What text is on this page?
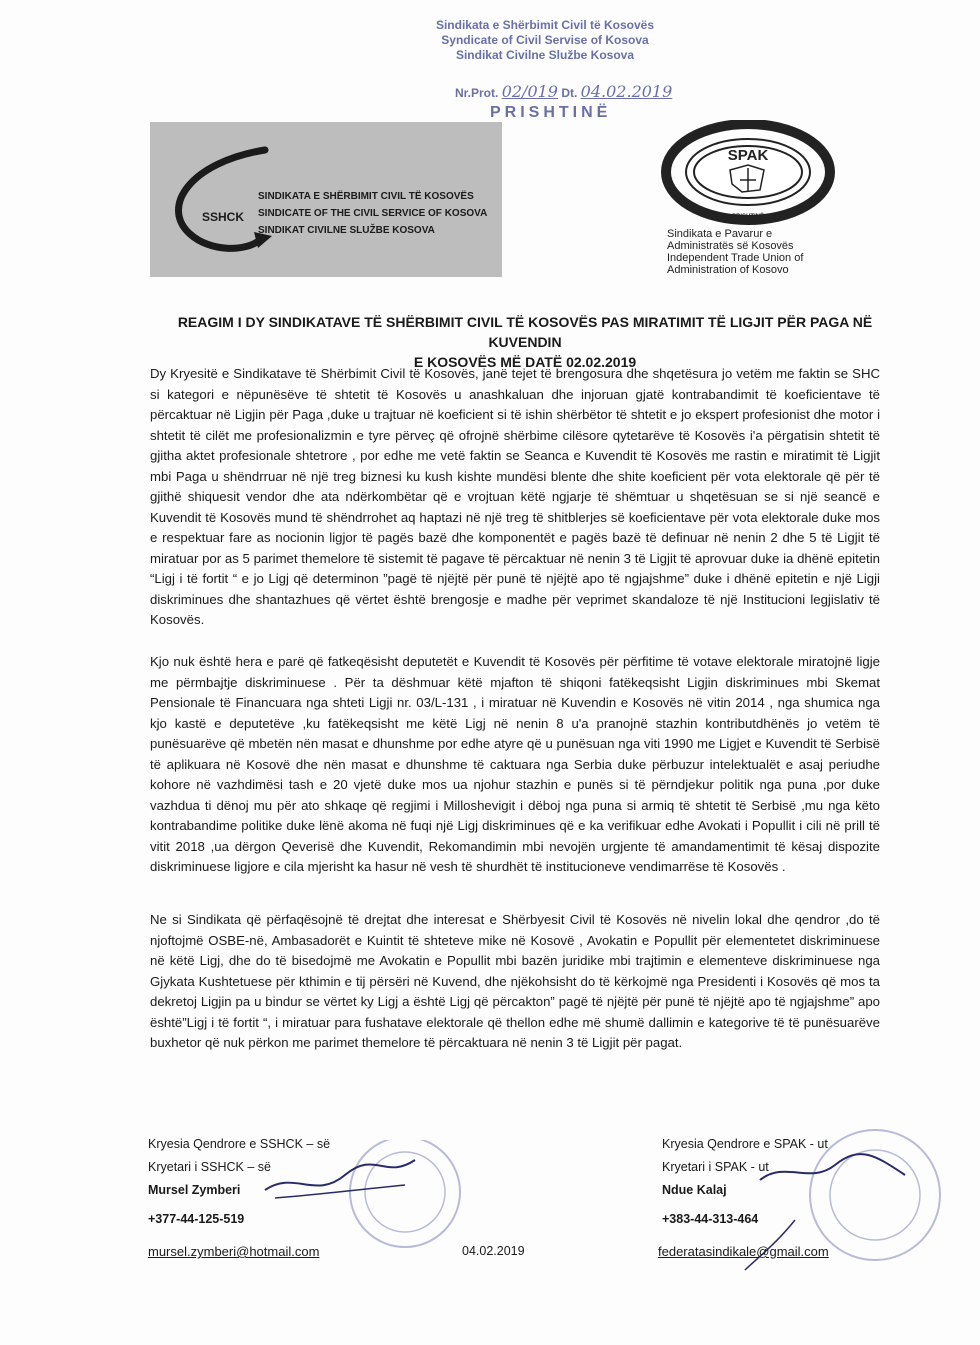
Sindikata e Shërbimit Civil të Kosovës
Syndicate of Civil Servise of Kosova
Sindikat Civilne Službe Kosova
Nr.Prot. 02/019 Dt. 04.02.2019
PRISHTINË
SSHCK
SINDIKATA E SHËRBIMIT CIVIL TË KOSOVËS
SINDICATE OF THE CIVIL SERVICE OF KOSOVA
SINDIKAT CIVILNE SLUŽBE KOSOVA
SPAK
PRISHTINË
Sindikata e Pavarur e
Administratës së Kosovës
Independent Trade Union of
Administration of Kosovo
REAGIM I DY SINDIKATAVE TË SHËRBIMIT CIVIL TË KOSOVËS PAS MIRATIMIT TË LIGJIT PËR PAGA NË KUVENDIN
E KOSOVËS MË DATË 02.02.2019
Dy Kryesitë e Sindikatave të Shërbimit Civil të Kosovës, janë tejet të brengosura dhe shqetësura jo vetëm me faktin se SHC si kategori e nëpunësëve të shtetit të Kosovës u anashkaluan dhe injoruan gjatë kontrabandimit të koeficientave të përcaktuar në Ligjin për Paga ,duke u trajtuar në koeficient si të ishin shërbëtor të shtetit e jo ekspert profesionist dhe motor i shtetit të cilët me profesionalizmin e tyre përveç që ofrojnë shërbime cilësore qytetarëve të Kosovës i'a përgatisin shtetit të gjitha aktet profesionale shtetrore , por edhe me vetë faktin se Seanca e Kuvendit të Kosovës me rastin e miratimit të Ligjit mbi Paga u shëndrruar në një treg biznesi ku kush kishte mundësi blente dhe shite koeficient për vota elektorale që për të gjithë shiquesit vendor dhe ata ndërkombëtar që e vrojtuan këtë ngjarje të shëmtuar u shqetësuan se si një seancë e Kuvendit të Kosovës mund të shëndrrohet aq haptazi në një treg të shitblerjes së koeficientave për vota elektorale duke mos e respektuar fare as nocionin ligjor të pagës bazë dhe komponentët e pagës bazë të definuar në nenin 2 dhe 5 të Ligjit të miratuar por as 5 parimet themelore të sistemit të pagave të përcaktuar në nenin 3 të Ligjit të aprovuar duke ia dhënë epitetin “Ligj i të fortit “ e jo Ligj që determinon ”pagë të njëjtë për punë të njëjtë apo të ngjajshme” duke i dhënë epitetin e një Ligji diskriminues dhe shantazhues që vërtet është brengosje e madhe për veprimet skandaloze të një Institucioni legjislativ të Kosovës.
Kjo nuk është hera e parë që fatkeqësisht deputetët e Kuvendit të Kosovës për përfitime të votave elektorale miratojnë ligje me përmbajtje diskriminuese . Për ta dëshmuar këtë mjafton të shiqoni fatëkeqsisht Ligjin diskriminues mbi Skemat Pensionale të Financuara nga shteti Ligji nr. 03/L-131 , i miratuar në Kuvendin e Kosovës në vitin 2014 , nga shumica nga kjo kastë e deputetëve ,ku fatëkeqsisht me këtë Ligj në nenin 8 u'a pranojnë stazhin kontributdhënës jo vetëm të punësuarëve që mbetën nën masat e dhunshme por edhe atyre që u punësuan nga viti 1990 me Ligjet e Kuvendit të Serbisë të aplikuara në Kosovë dhe nën masat e dhunshme të caktuara nga Serbia duke përbuzur intelektualët e asaj periudhe kohore në vazhdimësi tash e 20 vjetë duke mos ua njohur stazhin e punës si të përndjekur politik nga puna ,por duke vazhdua ti dënoj mu për ato shkaqe që regjimi i Milloshevigit i dëboj nga puna si armiq të shtetit të Serbisë ,mu nga këto kontrabandime politike duke lënë akoma në fuqi një Ligj diskriminues që e ka verifikuar edhe Avokati i Popullit i cili në prill të vitit 2018 ,ua dërgon Qeverisë dhe Kuvendit, Rekomandimin mbi nevojën urgjente të amandamentimit të kësaj dispozite diskriminuese ligjore e cila mjerisht ka hasur në vesh të shurdhët të institucioneve vendimarrëse të Kosovës .
Ne si Sindikata që përfaqësojnë të drejtat dhe interesat e Shërbyesit Civil të Kosovës në nivelin lokal dhe qendror ,do të njoftojmë OSBE-në, Ambasadorët e Kuintit të shteteve mike në Kosovë , Avokatin e Popullit për elementetet diskriminuese në këtë Ligj, dhe do të bisedojmë me Avokatin e Popullit mbi bazën juridike mbi trajtimin e elementeve diskriminuese nga Gjykata Kushtetuese për kthimin e tij përsëri në Kuvend, dhe njëkohsisht do të kërkojmë nga Presidenti i Kosovës që mos ta dekretoj Ligjin pa u bindur se vërtet ky Ligj a është Ligj që përcakton” pagë të njëjtë për punë të njëjtë apo të ngjajshme” apo është”Ligj i të fortit “, i miratuar para fushatave elektorale që thellon edhe më shumë dallimin e kategorive të të punësuarëve buxhetor që nuk përkon me parimet themelore të përcaktuara në nenin 3 të Ligjit për pagat.
Kryesia Qendrore e SSHCK – së
Kryetari i SSHCK – së
Mursel Zymberi
+377-44-125-519
mursel.zymberi@hotmail.com	04.02.2019
Kryesia Qendrore e SPAK - ut
Kryetari i SPAK - ut
Ndue Kalaj
+383-44-313-464
federatasindikale@gmail.com
